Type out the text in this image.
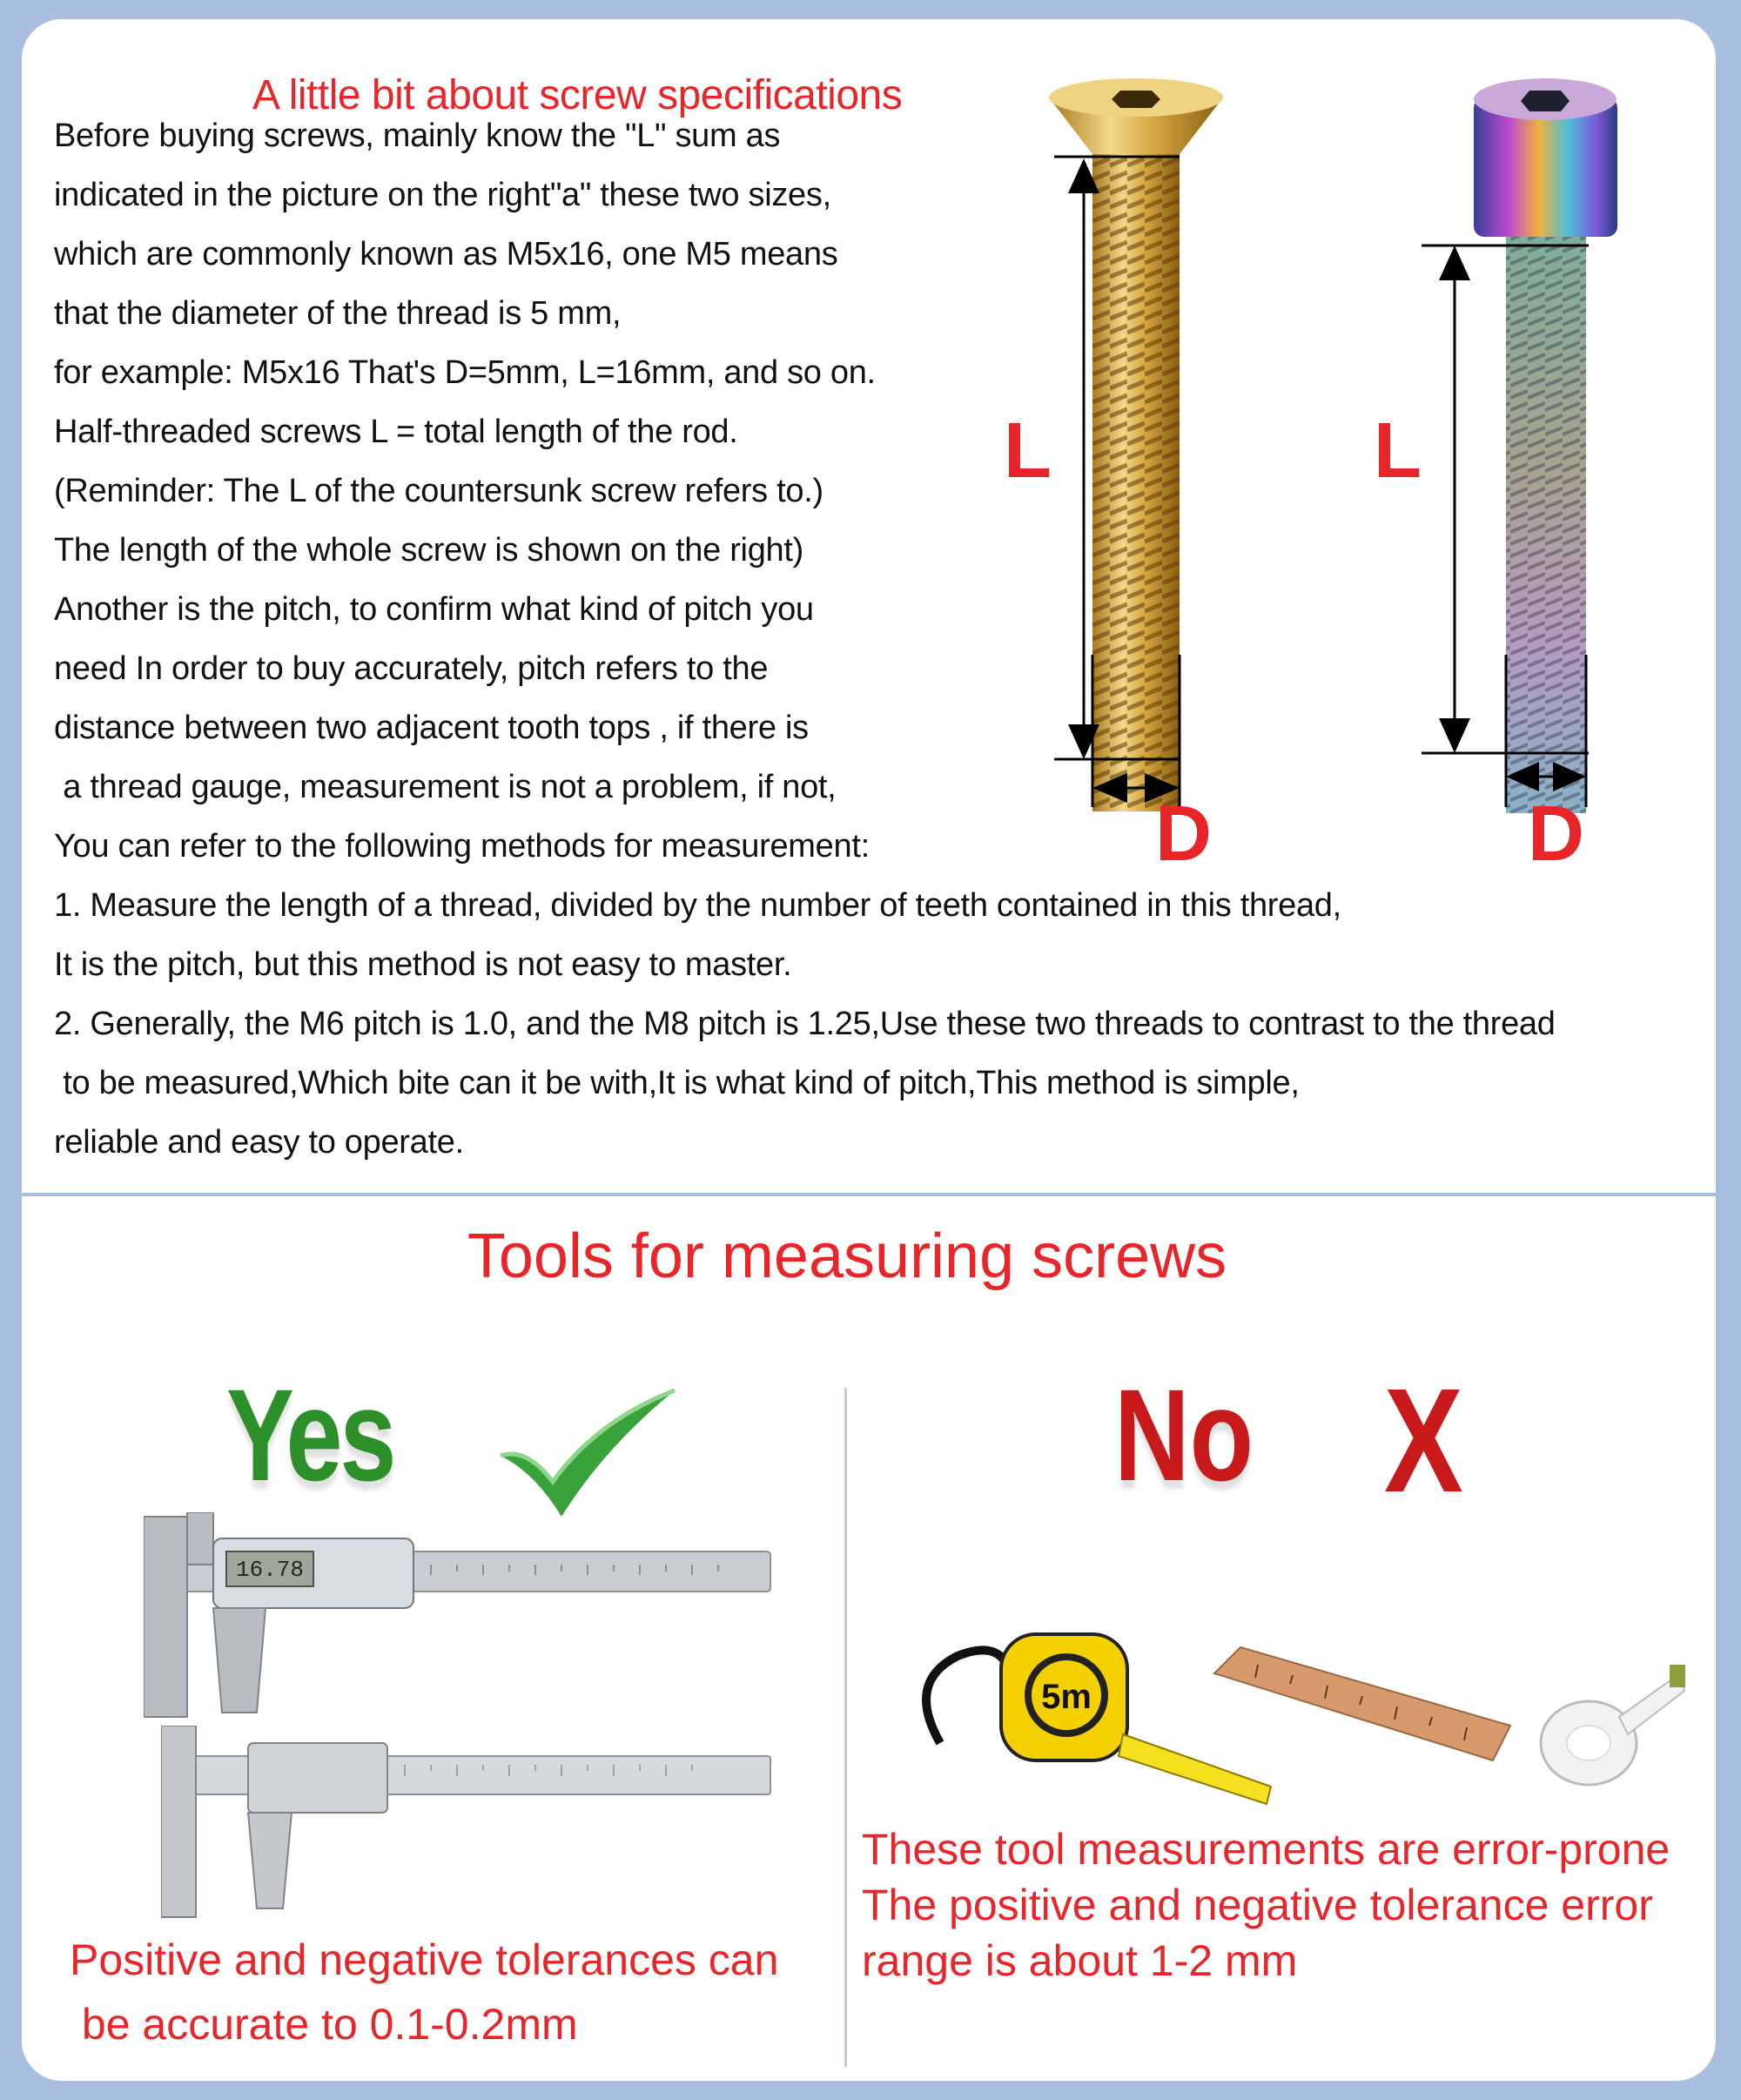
A little bit about screw specifications
Before buying screws, mainly know the "L" sum as
indicated in the picture on the right"a" these two sizes,
which are commonly known as M5x16, one M5 means
that the diameter of the thread is 5 mm,
for example: M5x16 That's D=5mm, L=16mm, and so on.
Half-threaded screws L = total length of the rod.
(Reminder: The L of the countersunk screw refers to.)
The length of the whole screw is shown on the right)
Another is the pitch, to confirm what kind of pitch you
need In order to buy accurately, pitch refers to the
distance between two adjacent tooth tops , if there is
a thread gauge, measurement is not a problem, if not,
You can refer to the following methods for measurement:
1. Measure the length of a thread, divided by the number of teeth contained in this thread,
It is the pitch, but this method is not easy to master.
2. Generally, the M6 pitch is 1.0, and the M8 pitch is 1.25,Use these two threads to contrast to the thread
to be measured,Which bite can it be with,It is what kind of pitch,This method is simple,
reliable and easy to operate.
L	L
D	D
Tools for measuring screws
Yes	No X
16.78
5m
Positive and negative tolerances can
be accurate to 0.1-0.2mm
These tool measurements are error-prone
The positive and negative tolerance error
range is about 1-2 mm
